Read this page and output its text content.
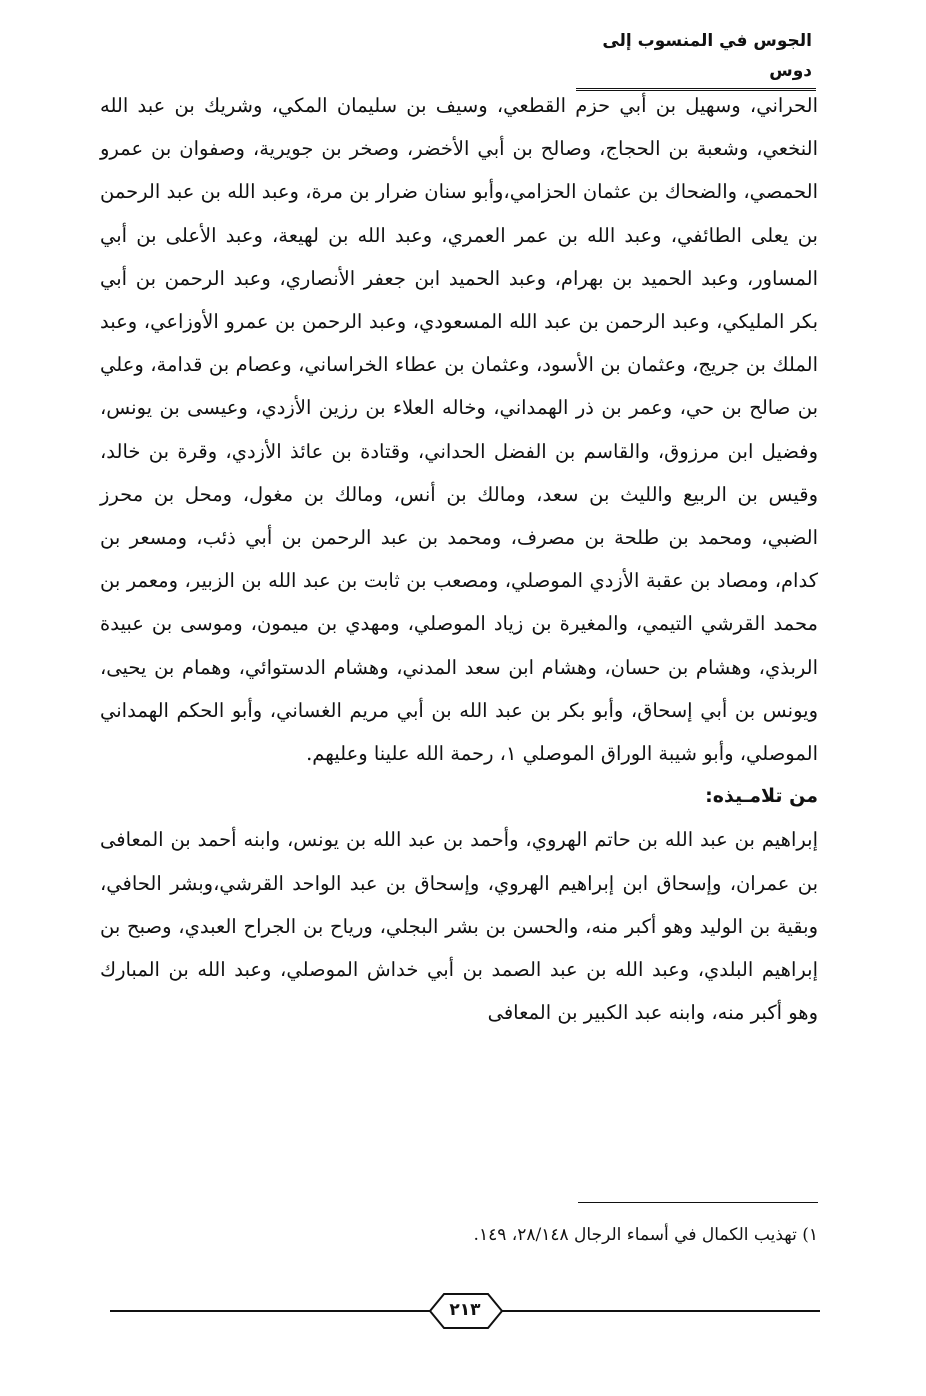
الجوس في المنسوب إلى دوس

الحراني، وسهيل بن أبي حزم القطعي، وسيف بن سليمان المكي، وشريك بن عبد الله النخعي، وشعبة بن الحجاج، وصالح بن أبي الأخضر، وصخر بن جويرية، وصفوان بن عمرو الحمصي، والضحاك بن عثمان الحزامي،وأبو سنان ضرار بن مرة، وعبد الله بن عبد الرحمن بن يعلى الطائفي، وعبد الله بن عمر العمري، وعبد الله بن لهيعة، وعبد الأعلى بن أبي المساور، وعبد الحميد بن بهرام، وعبد الحميد ابن جعفر الأنصاري، وعبد الرحمن بن أبي بكر المليكي، وعبد الرحمن بن عبد الله المسعودي، وعبد الرحمن بن عمرو الأوزاعي، وعبد الملك بن جريج، وعثمان بن الأسود، وعثمان بن عطاء الخراساني، وعصام بن قدامة، وعلي بن صالح بن حي، وعمر بن ذر الهمداني، وخاله العلاء بن رزين الأزدي، وعيسى بن يونس، وفضيل ابن مرزوق، والقاسم بن الفضل الحداني، وقتادة بن عائذ الأزدي، وقرة بن خالد، وقيس بن الربيع والليث بن سعد، ومالك بن أنس، ومالك بن مغول، ومحل بن محرز الضبي، ومحمد بن طلحة بن مصرف، ومحمد بن عبد الرحمن بن أبي ذئب، ومسعر بن كدام، ومصاد بن عقبة الأزدي الموصلي، ومصعب بن ثابت بن عبد الله بن الزبير، ومعمر بن محمد القرشي التيمي، والمغيرة بن زياد الموصلي، ومهدي بن ميمون، وموسى بن عبيدة الربذي، وهشام بن حسان، وهشام ابن سعد المدني، وهشام الدستوائي، وهمام بن يحيى، ويونس بن أبي إسحاق، وأبو بكر بن عبد الله بن أبي مريم الغساني، وأبو الحكم الهمداني الموصلي، وأبو شيبة الوراق الموصلي ١، رحمة الله علينا وعليهم.

من تلامـيذه:

إبراهيم بن عبد الله بن حاتم الهروي، وأحمد بن عبد الله بن يونس، وابنه أحمد بن المعافى بن عمران، وإسحاق ابن إبراهيم الهروي، وإسحاق بن عبد الواحد القرشي،وبشر الحافي، وبقية بن الوليد وهو أكبر منه، والحسن بن بشر البجلي، ورياح بن الجراح العبدي، وصبح بن إبراهيم البلدي، وعبد الله بن عبد الصمد بن أبي خداش الموصلي، وعبد الله بن المبارك وهو أكبر منه، وابنه عبد الكبير بن المعافى

١) تهذيب الكمال في أسماء الرجال ٢٨/١٤٨، ١٤٩.
٢١٣
